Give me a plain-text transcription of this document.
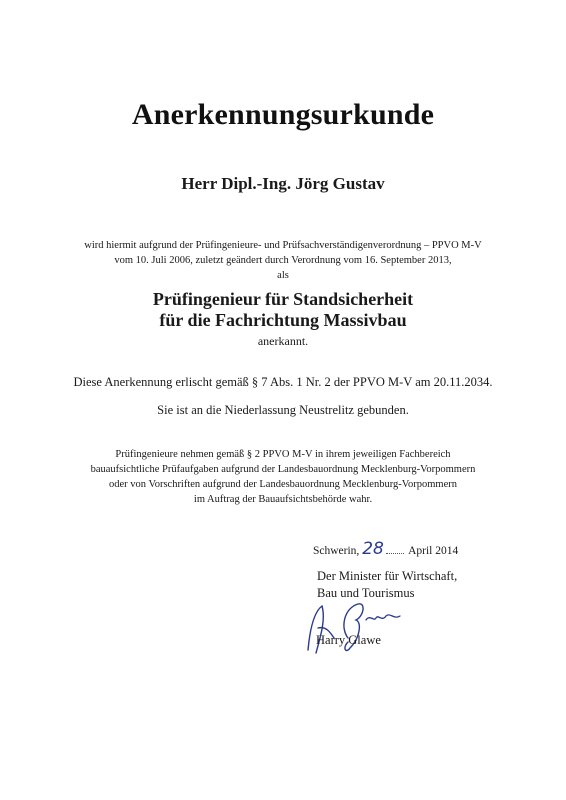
Anerkennungsurkunde
Herr Dipl.-Ing. Jörg Gustav
wird hiermit aufgrund der Prüfingenieure- und Prüfsachverständigenverordnung – PPVO M-V
vom 10. Juli 2006, zuletzt geändert durch Verordnung vom 16. September 2013,
als
Prüfingenieur für Standsicherheit
für die Fachrichtung Massivbau
anerkannt.
Diese Anerkennung erlischt gemäß § 7 Abs. 1 Nr. 2 der PPVO M-V am 20.11.2034.
Sie ist an die Niederlassung Neustrelitz gebunden.
Prüfingenieure nehmen gemäß § 2 PPVO M-V in ihrem jeweiligen Fachbereich
bauaufsichtliche Prüfaufgaben aufgrund der Landesbauordnung Mecklenburg-Vorpommern
oder von Vorschriften aufgrund der Landesbauordnung Mecklenburg-Vorpommern
im Auftrag der Bauaufsichtsbehörde wahr.
Schwerin, 28 April 2014
Der Minister für Wirtschaft,
Bau und Tourismus
Harry Glawe
